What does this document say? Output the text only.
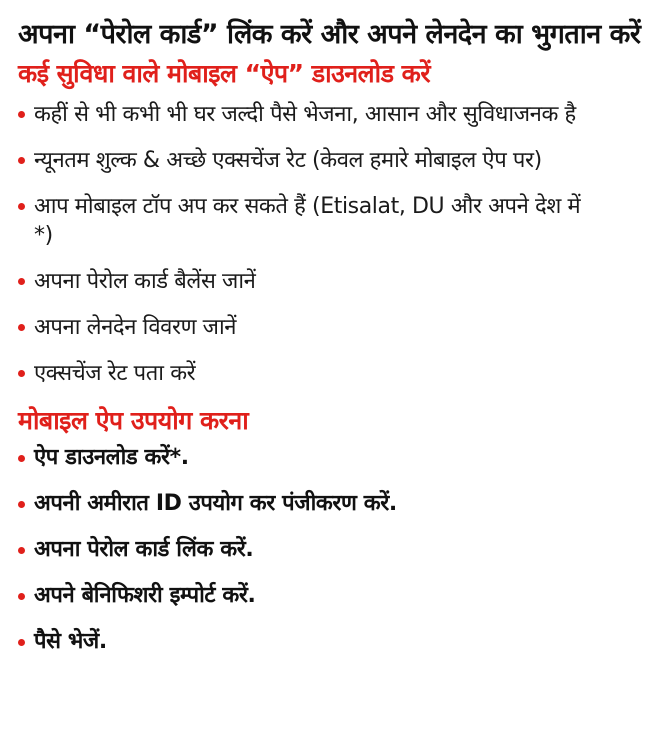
अपना “पेरोल कार्ड” लिंक करें और अपने लेनदेन का भुगतान करें
कई सुविधा वाले मोबाइल “ऐप” डाउनलोड करें
कहीं से भी कभी भी घर जल्दी पैसे भेजना, आसान और सुविधाजनक है
न्यूनतम शुल्क & अच्छे एक्सचेंज रेट (केवल हमारे मोबाइल ऐप पर)
आप मोबाइल टॉप अप कर सकते हैं (Etisalat, DU और अपने देश में *)
अपना पेरोल कार्ड बैलेंस जानें
अपना लेनदेन विवरण जानें
एक्सचेंज रेट पता करें
मोबाइल ऐप उपयोग करना
ऐप डाउनलोड करें*.
अपनी अमीरात ID उपयोग कर पंजीकरण करें.
अपना पेरोल कार्ड लिंक करें.
अपने बेनिफिशरी इम्पोर्ट करें.
पैसे भेजें.
